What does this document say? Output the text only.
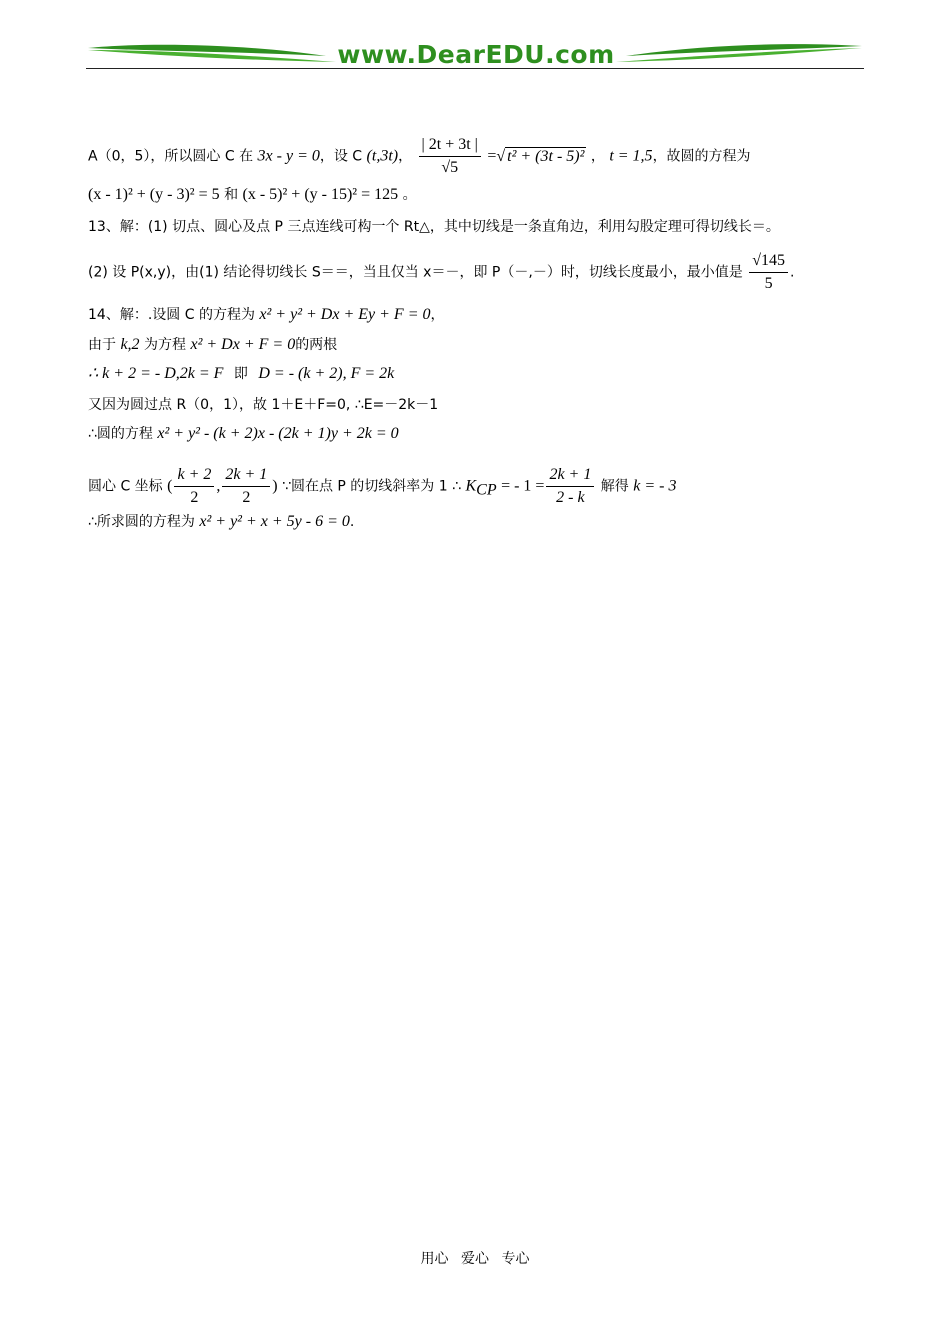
www.DearEDU.com
A（0，5），所以圆心 C 在 3x - y = 0，设 C (t,3t)， $\frac{| 2t + 3t |}{√5}$ =√ t² + (3t - 5)² ， t = 1,5，故圆的方程为
(x - 1)² + (y - 3)² = 5 和 (x - 5)² + (y - 15)² = 125 。
13、解：(1) 切点、圆心及点 P 三点连线可构一个 Rt△，其中切线是一条直角边，利用勾股定理可得切线长＝。
(2) 设 P(x,y)，由(1) 结论得切线长 S＝＝，当且仅当 x＝－，即 P（－,－）时，切线长度最小，最小值是 $\frac{√145}{5}$ .
14、解：.设圆 C 的方程为 x² + y² + Dx + Ey + F = 0，
由于 k,2 为方程 x² + Dx + F = 0的两根
∴ k + 2 = - D,2k = F 即 D = - (k + 2), F = 2k
又因为圆过点 R（0，1），故 1＋E＋F=0, ∴E=－2k－1
∴圆的方程 x² + y² - (k + 2)x - (2k + 1)y + 2k = 0
圆心 C 坐标 ( $\frac{k + 2}{2}$ , $\frac{2k + 1}{2}$ ) ∵圆在点 P 的切线斜率为 1 ∴ $K_{CP}$ = - $1 = \frac{2k + 1}{2 - k}$ 解得 k = - 3
∴所求圆的方程为 x² + y² + x + 5y - 6 = 0.
用心 爱心 专心
